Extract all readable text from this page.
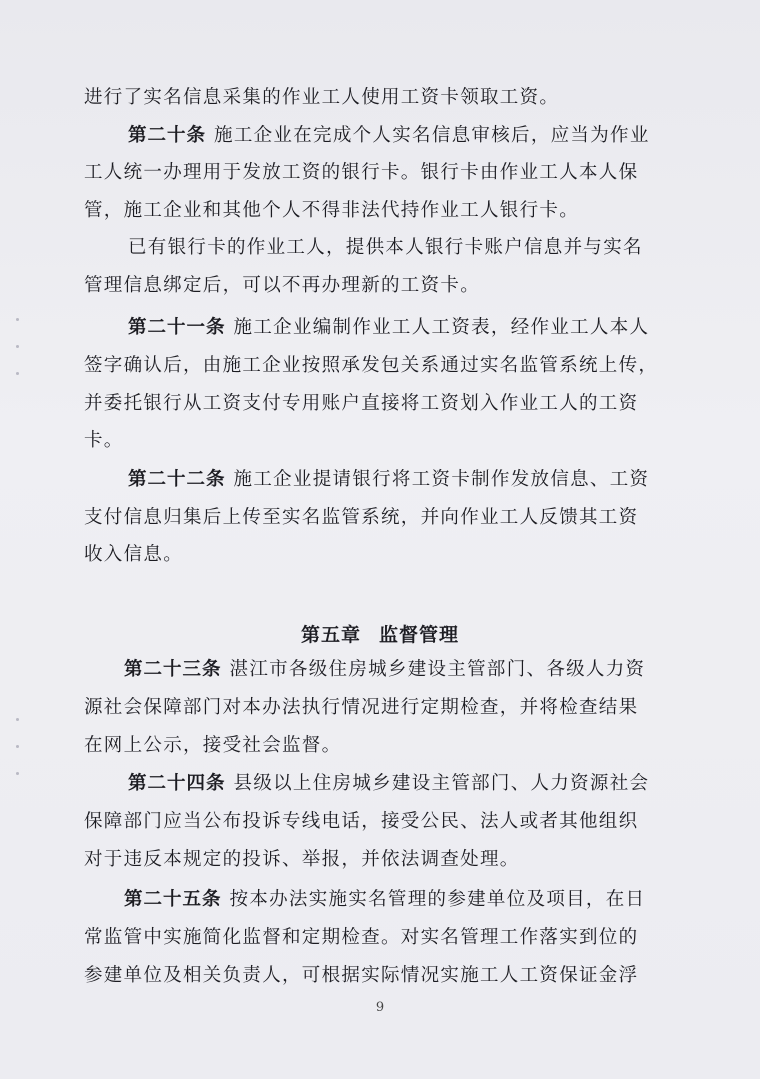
进行了实名信息采集的作业工人使用工资卡领取工资。
第二十条 施工企业在完成个人实名信息审核后，应当为作业
工人统一办理用于发放工资的银行卡。银行卡由作业工人本人保
管，施工企业和其他个人不得非法代持作业工人银行卡。
已有银行卡的作业工人，提供本人银行卡账户信息并与实名
管理信息绑定后，可以不再办理新的工资卡。
第二十一条 施工企业编制作业工人工资表，经作业工人本人
签字确认后，由施工企业按照承发包关系通过实名监管系统上传，
并委托银行从工资支付专用账户直接将工资划入作业工人的工资
卡。
第二十二条 施工企业提请银行将工资卡制作发放信息、工资
支付信息归集后上传至实名监管系统，并向作业工人反馈其工资
收入信息。
第五章 监督管理
第二十三条 湛江市各级住房城乡建设主管部门、各级人力资
源社会保障部门对本办法执行情况进行定期检查，并将检查结果
在网上公示，接受社会监督。
第二十四条 县级以上住房城乡建设主管部门、人力资源社会
保障部门应当公布投诉专线电话，接受公民、法人或者其他组织
对于违反本规定的投诉、举报，并依法调查处理。
第二十五条 按本办法实施实名管理的参建单位及项目，在日
常监管中实施简化监督和定期检查。对实名管理工作落实到位的
参建单位及相关负责人，可根据实际情况实施工人工资保证金浮
9
